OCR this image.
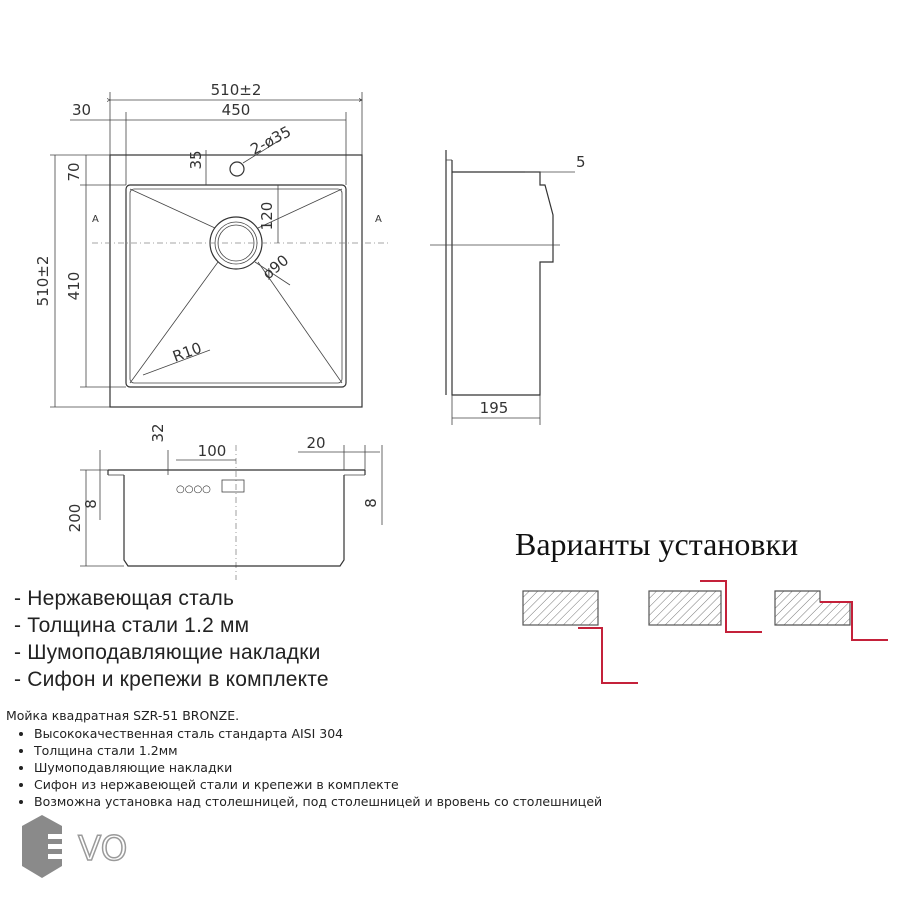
510±2
450
30
A	A
510±2 410
70
35
2-ø35
120
ø90
R10
5
195
○○○○
200
8
32
100	20
8
- Нержавеющая сталь
- Толщина стали 1.2 мм
- Шумоподавляющие накладки
- Сифон и крепежи в комплекте
Варианты установки
Мойка квадратная SZR-51 BRONZE.
• Высококачественная сталь стандарта AISI 304
• Толщина стали 1.2мм
• Шумоподавляющие накладки
• Сифон из нержавеющей стали и крепежи в комплекте
• Возможна установка над столешницей, под столешницей и вровень со столешницей
VO
